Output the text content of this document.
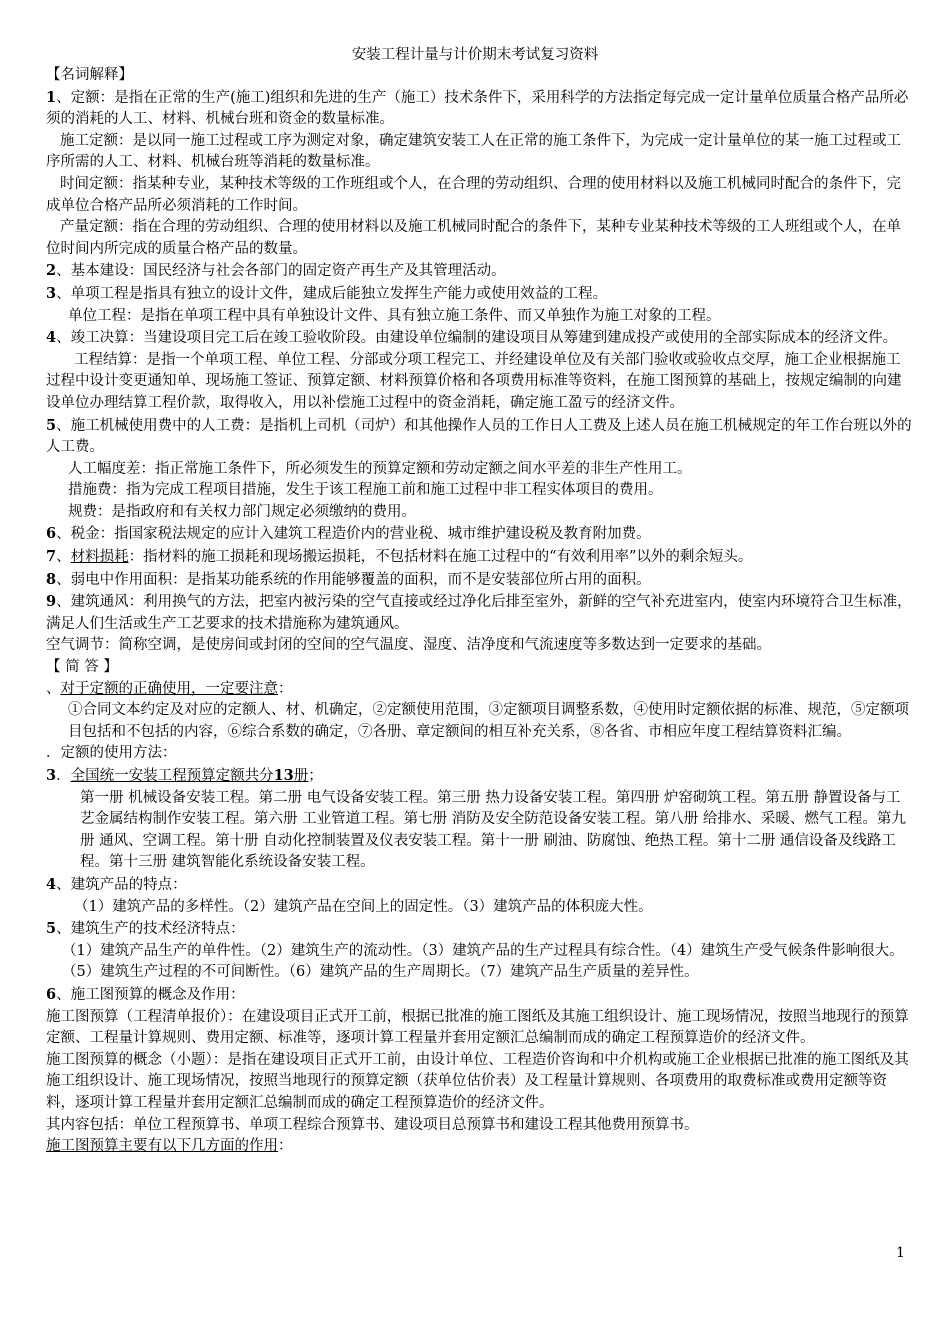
安装工程计量与计价期末考试复习资料

【名词解释】

1、定额：是指在正常的生产(施工)组织和先进的生产（施工）技术条件下，采用科学的方法指定每完成一定计量单位质量合格产品所必须的消耗的人工、材料、机械台班和资金的数量标准。

施工定额：是以同一施工过程或工序为测定对象，确定建筑安装工人在正常的施工条件下，为完成一定计量单位的某一施工过程或工序所需的人工、材料、机械台班等消耗的数量标准。

时间定额：指某种专业，某种技术等级的工作班组或个人，在合理的劳动组织、合理的使用材料以及施工机械同时配合的条件下，完成单位合格产品所必须消耗的工作时间。

产量定额：指在合理的劳动组织、合理的使用材料以及施工机械同时配合的条件下，某种专业某种技术等级的工人班组或个人，在单位时间内所完成的质量合格产品的数量。

2、基本建设：国民经济与社会各部门的固定资产再生产及其管理活动。

3、单项工程是指具有独立的设计文件，建成后能独立发挥生产能力或使用效益的工程。

单位工程：是指在单项工程中具有单独设计文件、具有独立施工条件、而又单独作为施工对象的工程。

4、竣工决算：当建设项目完工后在竣工验收阶段。由建设单位编制的建设项目从筹建到建成投产或使用的全部实际成本的经济文件。

工程结算：是指一个单项工程、单位工程、分部或分项工程完工、并经建设单位及有关部门验收或验收点交厚，施工企业根据施工过程中设计变更通知单、现场施工签证、预算定额、材料预算价格和各项费用标准等资料，在施工图预算的基础上，按规定编制的向建设单位办理结算工程价款，取得收入，用以补偿施工过程中的资金消耗，确定施工盈亏的经济文件。

5、施工机械使用费中的人工费：是指机上司机（司炉）和其他操作人员的工作日人工费及上述人员在施工机械规定的年工作台班以外的人工费。

人工幅度差：指正常施工条件下，所必须发生的预算定额和劳动定额之间水平差的非生产性用工。

措施费：指为完成工程项目措施，发生于该工程施工前和施工过程中非工程实体项目的费用。

规费：是指政府和有关权力部门规定必须缴纳的费用。

6、税金：指国家税法规定的应计入建筑工程造价内的营业税、城市维护建设税及教育附加费。

7、材料损耗：指材料的施工损耗和现场搬运损耗，不包括材料在施工过程中的“有效利用率”以外的剩余短头。

8、弱电中作用面积：是指某功能系统的作用能够覆盖的面积，而不是安装部位所占用的面积。

9、建筑通风：利用换气的方法，把室内被污染的空气直接或经过净化后排至室外，新鲜的空气补充进室内，使室内环境符合卫生标准，满足人们生活或生产工艺要求的技术措施称为建筑通风。

空气调节：简称空调，是使房间或封闭的空间的空气温度、湿度、洁净度和气流速度等多数达到一定要求的基础。

【 简 答 】

、对于定额的正确使用，一定要注意：

①合同文本约定及对应的定额人、材、机确定，②定额使用范围，③定额项目调整系数，④使用时定额依据的标准、规范，⑤定额项目包括和不包括的内容，⑥综合系数的确定，⑦各册、章定额间的相互补充关系，⑧各省、市相应年度工程结算资料汇编。

．定额的使用方法：

3．全国统一安装工程预算定额共分13册；

第一册 机械设备安装工程。第二册 电气设备安装工程。第三册 热力设备安装工程。第四册 炉窑砌筑工程。第五册 静置设备与工艺金属结构制作安装工程。第六册 工业管道工程。第七册 消防及安全防范设备安装工程。第八册 给排水、采暖、燃气工程。第九册 通风、空调工程。第十册 自动化控制装置及仪表安装工程。第十一册 刷油、防腐蚀、绝热工程。第十二册 通信设备及线路工程。第十三册 建筑智能化系统设备安装工程。

4、建筑产品的特点：

（1）建筑产品的多样性。（2）建筑产品在空间上的固定性。（3）建筑产品的体积庞大性。

5、建筑生产的技术经济特点：

（1）建筑产品生产的单件性。（2）建筑生产的流动性。（3）建筑产品的生产过程具有综合性。（4）建筑生产受气候条件影响很大。（5）建筑生产过程的不可间断性。（6）建筑产品的生产周期长。（7）建筑产品生产质量的差异性。

6、施工图预算的概念及作用：

施工图预算（工程清单报价）：在建设项目正式开工前，根据已批准的施工图纸及其施工组织设计、施工现场情况，按照当地现行的预算定额、工程量计算规则、费用定额、标准等，逐项计算工程量并套用定额汇总编制而成的确定工程预算造价的经济文件。

施工图预算的概念（小题）：是指在建设项目正式开工前，由设计单位、工程造价咨询和中介机构或施工企业根据已批准的施工图纸及其施工组织设计、施工现场情况，按照当地现行的预算定额（获单位估价表）及工程量计算规则、各项费用的取费标准或费用定额等资料，逐项计算工程量并套用定额汇总编制而成的确定工程预算造价的经济文件。

其内容包括：单位工程预算书、单项工程综合预算书、建设项目总预算书和建设工程其他费用预算书。

施工图预算主要有以下几方面的作用：

1
